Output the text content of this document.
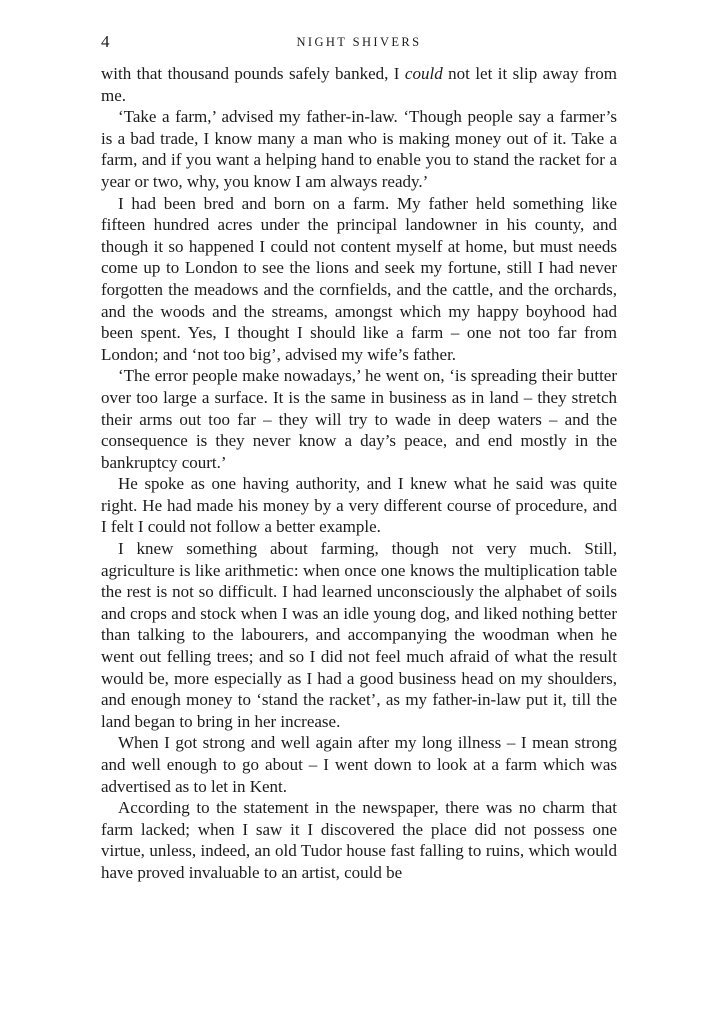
4	NIGHT SHIVERS

with that thousand pounds safely banked, I could not let it slip away from me.

‘Take a farm,’ advised my father-in-law. ‘Though people say a farmer’s is a bad trade, I know many a man who is making money out of it. Take a farm, and if you want a helping hand to enable you to stand the racket for a year or two, why, you know I am always ready.’

I had been bred and born on a farm. My father held something like fifteen hundred acres under the principal landowner in his county, and though it so happened I could not content myself at home, but must needs come up to London to see the lions and seek my fortune, still I had never forgotten the meadows and the cornfields, and the cattle, and the orchards, and the woods and the streams, amongst which my happy boyhood had been spent. Yes, I thought I should like a farm – one not too far from London; and ‘not too big’, advised my wife’s father.

‘The error people make nowadays,’ he went on, ‘is spreading their butter over too large a surface. It is the same in business as in land – they stretch their arms out too far – they will try to wade in deep waters – and the consequence is they never know a day’s peace, and end mostly in the bankruptcy court.’

He spoke as one having authority, and I knew what he said was quite right. He had made his money by a very different course of procedure, and I felt I could not follow a better example.

I knew something about farming, though not very much. Still, agriculture is like arithmetic: when once one knows the multiplication table the rest is not so difficult. I had learned unconsciously the alphabet of soils and crops and stock when I was an idle young dog, and liked nothing better than talking to the labourers, and accompanying the woodman when he went out felling trees; and so I did not feel much afraid of what the result would be, more especially as I had a good business head on my shoulders, and enough money to ‘stand the racket’, as my father-in-law put it, till the land began to bring in her increase.

When I got strong and well again after my long illness – I mean strong and well enough to go about – I went down to look at a farm which was advertised as to let in Kent.

According to the statement in the newspaper, there was no charm that farm lacked; when I saw it I discovered the place did not possess one virtue, unless, indeed, an old Tudor house fast falling to ruins, which would have proved invaluable to an artist, could be
